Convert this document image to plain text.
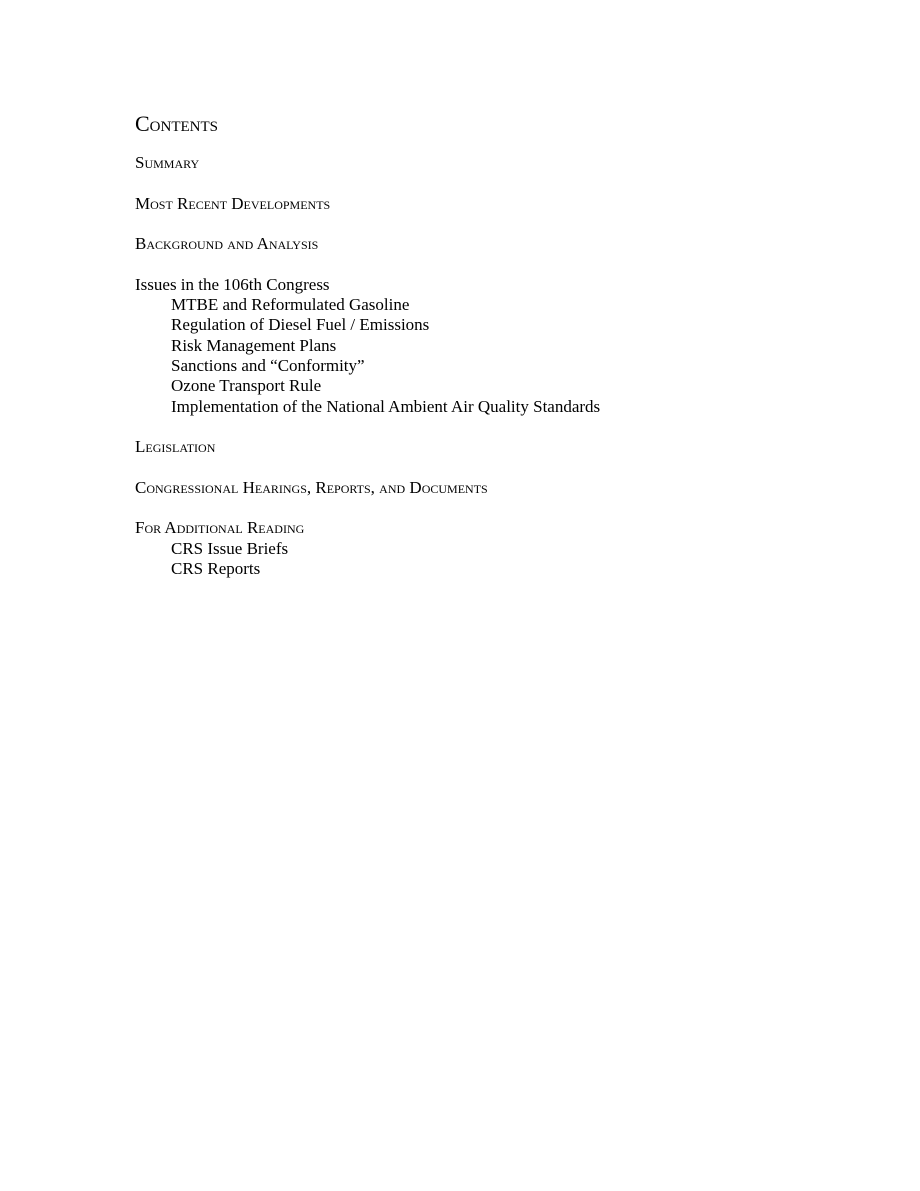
Contents
Summary
Most Recent Developments
Background and Analysis
Issues in the 106th Congress
MTBE and Reformulated Gasoline
Regulation of Diesel Fuel / Emissions
Risk Management Plans
Sanctions and “Conformity”
Ozone Transport Rule
Implementation of the National Ambient Air Quality Standards
Legislation
Congressional Hearings, Reports, and Documents
For Additional Reading
CRS Issue Briefs
CRS Reports
